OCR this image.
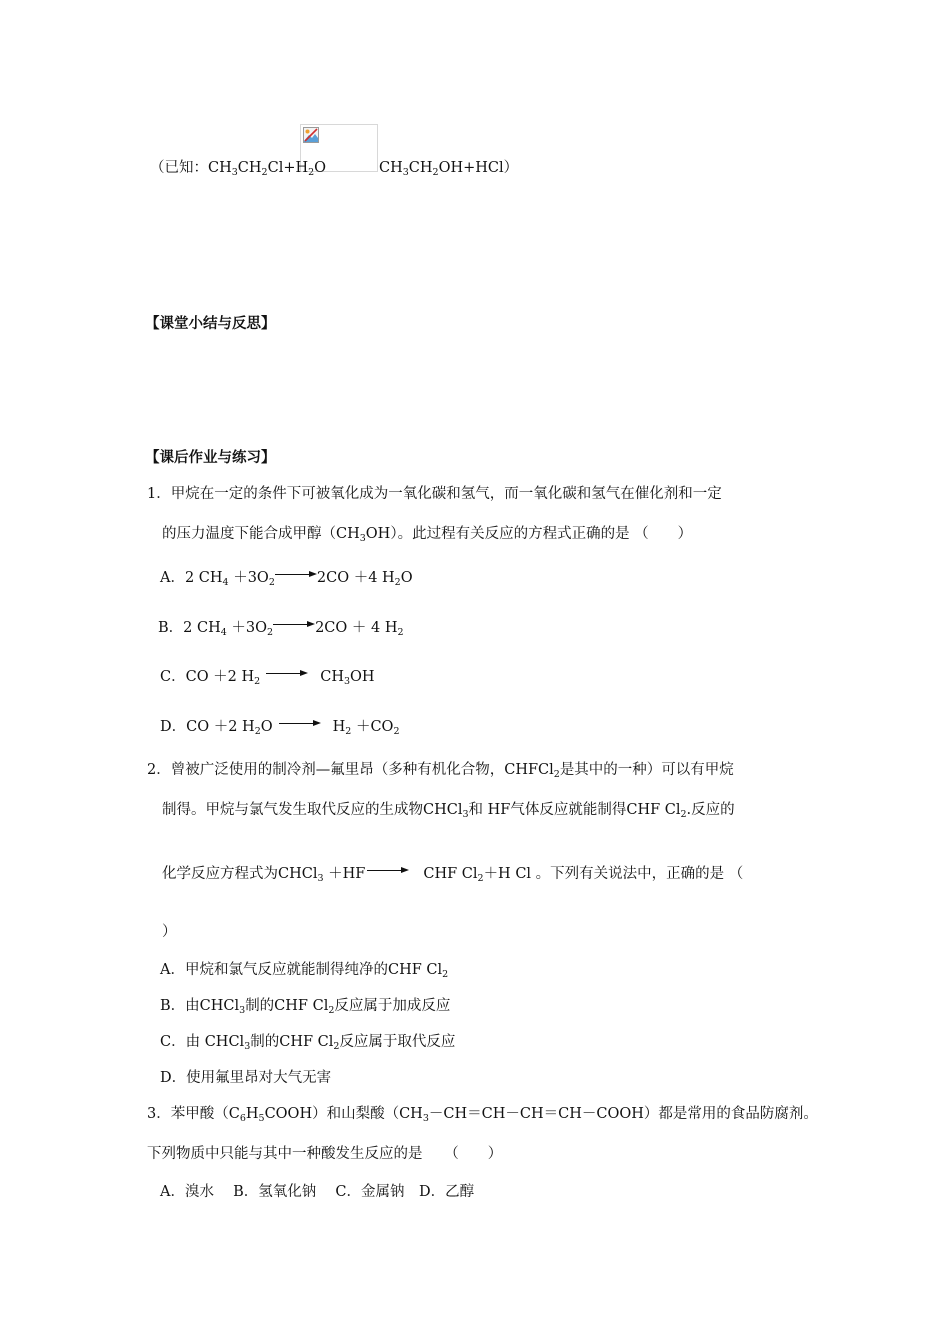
（已知：$CH_3CH_2Cl+H_2O$	$CH_3CH_2OH+HCl$）
【课堂小结与反思】
【课后作业与练习】
1．甲烷在一定的条件下可被氧化成为一氧化碳和氢气，而一氧化碳和氢气在催化剂和一定
的压力温度下能合成甲醇$(CH_3OH)$。此过程有关反应的方程式正确的是 （　　）
A．2 $CH_4 +3O_2$	2CO ＋4 $H_2O$
B．2 $CH_4 +3O_2$	2CO ＋ 4 $H_2$
C．CO ＋2 $H_2$	$CH_3OH$
D．CO ＋2 $H_2O$	$H_2 +CO_2$
2．曾被广泛使用的制冷剂—氟里昂（多种有机化合物，CHFCl$_2$是其中的一种）可以有甲烷
制得。甲烷与氯气发生取代反应的生成物CHCl$_3$和 HF气体反应就能制得CHF $Cl_2$.反应的
化学反应方程式为CHCl$_3$ ＋HF	CHF $Cl_2+H$ Cl 。下列有关说法中，正确的是 （
）
A．甲烷和氯气反应就能制得纯净的CHF $Cl_2$
B．由CHCl$_3$制的CHF $Cl_2$反应属于加成反应
C．由 CHCl$_3$制的CHF $Cl_2$反应属于取代反应
D．使用氟里昂对大气无害
3．苯甲酸$(C_6H_5COOH)$和山梨酸$(CH_3-CH=CH-CH=CH-COOH)$都是常用的食品防腐剂。
下列物质中只能与其中一种酸发生反应的是　　（　　）
A．溴水　 B．氢氧化钠　 C．金属钠　D．乙醇
